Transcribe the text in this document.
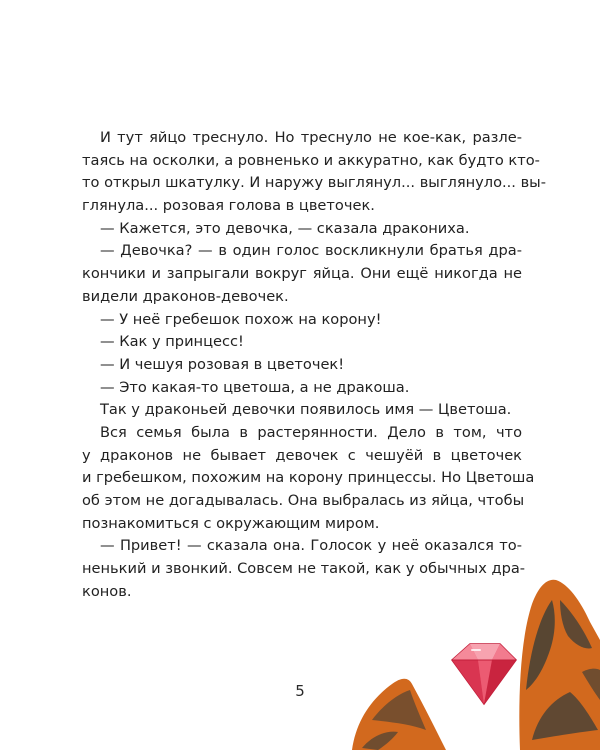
И тут яйцо треснуло. Но треснуло не кое-как, разле-
таясь на осколки, а ровненько и аккуратно, как будто кто-
то открыл шкатулку. И наружу выглянул... выглянуло... вы-
глянула... розовая голова в цветочек.
— Кажется, это девочка, — сказала дракониха.
— Девочка? — в один голос воскликнули братья дра-
кончики и запрыгали вокруг яйца. Они ещё никогда не
видели драконов-девочек.
— У неё гребешок похож на корону!
— Как у принцесс!
— И чешуя розовая в цветочек!
— Это какая-то цветоша, а не дракоша.
Так у драконьей девочки появилось имя — Цветоша.
Вся семья была в растерянности. Дело в том, что
у драконов не бывает девочек с чешуёй в цветочек
и гребешком, похожим на корону принцессы. Но Цветоша
об этом не догадывалась. Она выбралась из яйца, чтобы
познакомиться с окружающим миром.
— Привет! — сказала она. Голосок у неё оказался то-
ненький и звонкий. Совсем не такой, как у обычных дра-
конов.
5
